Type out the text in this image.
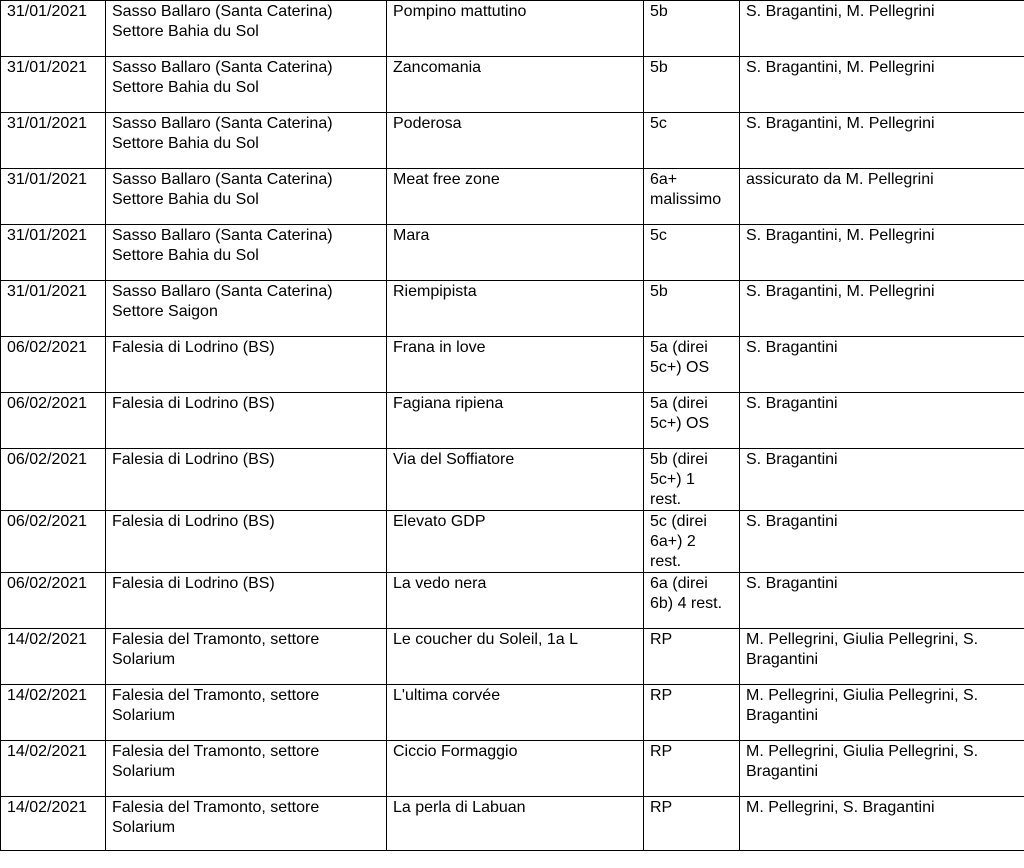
31/01/2021	Sasso Ballaro (Santa Caterina)
Settore Bahia du Sol	Pompino mattutino	5b	S. Bragantini, M. Pellegrini

31/01/2021	Sasso Ballaro (Santa Caterina)
Settore Bahia du Sol	Zancomania	5b	S. Bragantini, M. Pellegrini

31/01/2021	Sasso Ballaro (Santa Caterina)
Settore Bahia du Sol	Poderosa	5c	S. Bragantini, M. Pellegrini

31/01/2021	Sasso Ballaro (Santa Caterina)
Settore Bahia du Sol	Meat free zone	6a+
malissimo	assicurato da M. Pellegrini

31/01/2021	Sasso Ballaro (Santa Caterina)
Settore Bahia du Sol	Mara	5c	S. Bragantini, M. Pellegrini

31/01/2021	Sasso Ballaro (Santa Caterina)
Settore Saigon	Riempipista	5b	S. Bragantini, M. Pellegrini

06/02/2021	Falesia di Lodrino (BS)	Frana in love	5a (direi
5c+) OS	S. Bragantini

06/02/2021	Falesia di Lodrino (BS)	Fagiana ripiena	5a (direi
5c+) OS	S. Bragantini

06/02/2021	Falesia di Lodrino (BS)	Via del Soffiatore	5b (direi
5c+) 1
rest.	S. Bragantini

06/02/2021	Falesia di Lodrino (BS)	Elevato GDP	5c (direi
6a+) 2
rest.	S. Bragantini

06/02/2021	Falesia di Lodrino (BS)	La vedo nera	6a (direi
6b) 4 rest.	S. Bragantini

14/02/2021	Falesia del Tramonto, settore
Solarium	Le coucher du Soleil, 1a L	RP	M. Pellegrini, Giulia Pellegrini, S. Bragantini

14/02/2021	Falesia del Tramonto, settore
Solarium	L'ultima corvée	RP	M. Pellegrini, Giulia Pellegrini, S. Bragantini

14/02/2021	Falesia del Tramonto, settore
Solarium	Ciccio Formaggio	RP	M. Pellegrini, Giulia Pellegrini, S. Bragantini

14/02/2021	Falesia del Tramonto, settore
Solarium	La perla di Labuan	RP	M. Pellegrini, S. Bragantini
